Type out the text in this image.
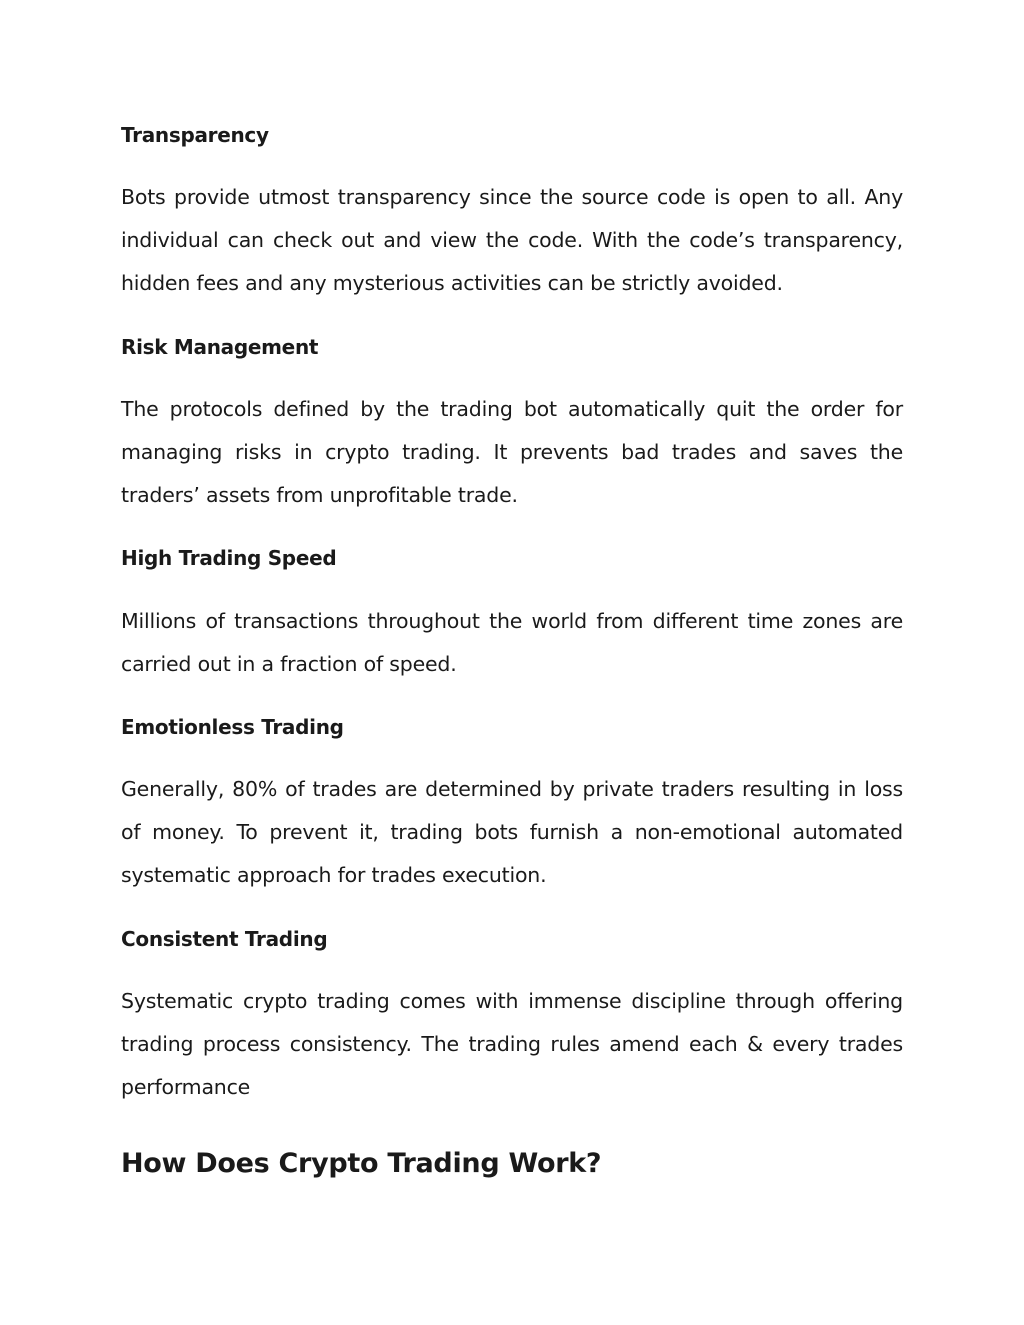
Transparency
Bots provide utmost transparency since the source code is open to all. Any individual can check out and view the code. With the code’s transparency, hidden fees and any mysterious activities can be strictly avoided.
Risk Management
The protocols defined by the trading bot automatically quit the order for managing risks in crypto trading. It prevents bad trades and saves the traders’ assets from unprofitable trade.
High Trading Speed
Millions of transactions throughout the world from different time zones are carried out in a fraction of speed.
Emotionless Trading
Generally, 80% of trades are determined by private traders resulting in loss of money. To prevent it, trading bots furnish a non-emotional automated systematic approach for trades execution.
Consistent Trading
Systematic crypto trading comes with immense discipline through offering trading process consistency. The trading rules amend each & every trades performance
How Does Crypto Trading Work?
